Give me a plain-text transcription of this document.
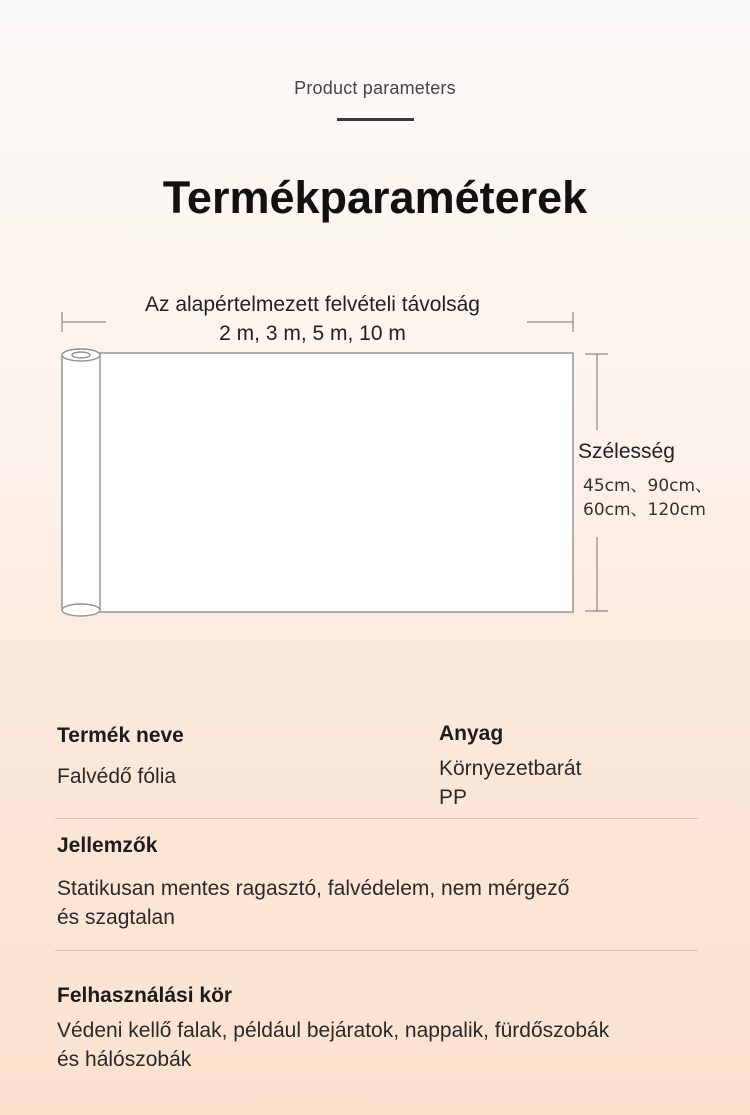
Product parameters
Termékparaméterek
Az alapértelmezett felvételi távolság
2 m, 3 m, 5 m, 10 m
Szélesség
45cm、90cm、
60cm、120cm
Termék neve
Falvédő fólia
Anyag
Környezetbarát
PP
Jellemzők
Statikusan mentes ragasztó, falvédelem, nem mérgező
és szagtalan
Felhasználási kör
Védeni kellő falak, például bejáratok, nappalik, fürdőszobák
és hálószobák
